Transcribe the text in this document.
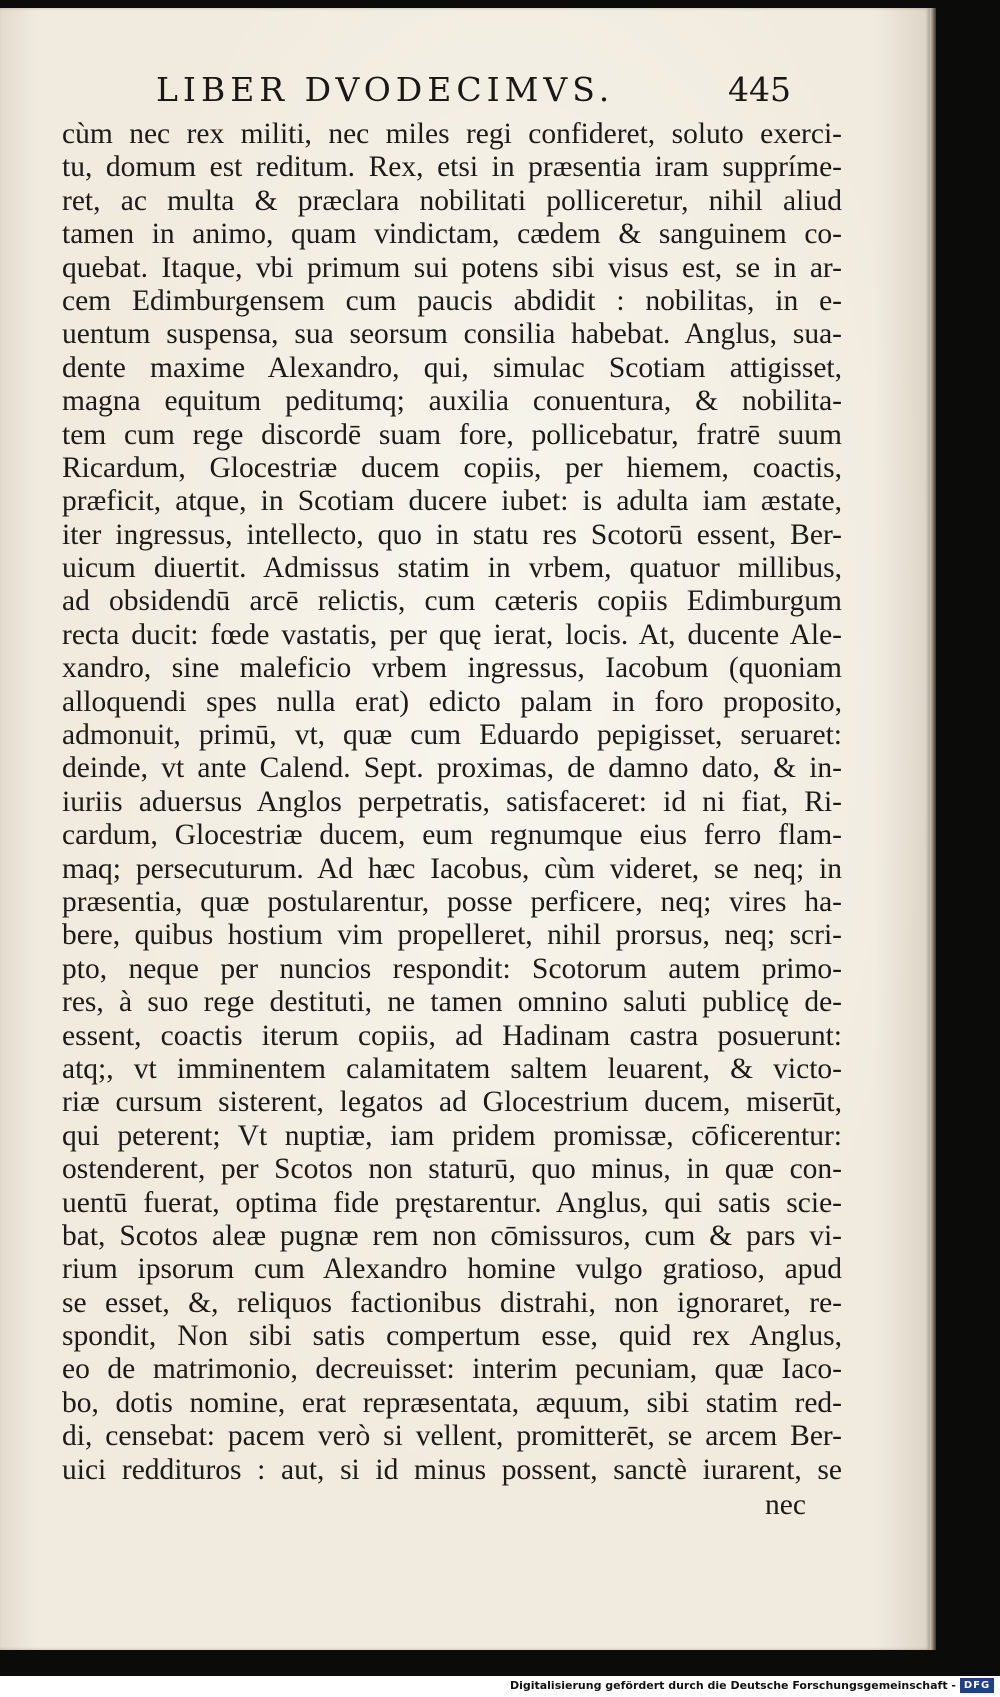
LIBER DVODECIMVS.	445
cùm nec rex militi, nec miles regi confideret, soluto exerci-
tu, domum est reditum. Rex, etsi in præsentia iram suppríme-
ret, ac multa & præclara nobilitati polliceretur, nihil aliud
tamen in animo, quam vindictam, cædem & sanguinem co-
quebat. Itaque, vbi primum sui potens sibi visus est, se in ar-
cem Edimburgensem cum paucis abdidit : nobilitas, in e-
uentum suspensa, sua seorsum consilia habebat. Anglus, sua-
dente maxime Alexandro, qui, simulac Scotiam attigisset,
magna equitum peditumq; auxilia conuentura, & nobilita-
tem cum rege discordē suam fore, pollicebatur, fratrē suum
Ricardum, Glocestriæ ducem copiis, per hiemem, coactis,
præficit, atque, in Scotiam ducere iubet: is adulta iam æstate,
iter ingressus, intellecto, quo in statu res Scotorū essent, Ber-
uicum diuertit. Admissus statim in vrbem, quatuor millibus,
ad obsidendū arcē relictis, cum cæteris copiis Edimburgum
recta ducit: fœde vastatis, per quę ierat, locis. At, ducente Ale-
xandro, sine maleficio vrbem ingressus, Iacobum (quoniam
alloquendi spes nulla erat) edicto palam in foro proposito,
admonuit, primū, vt, quæ cum Eduardo pepigisset, seruaret:
deinde, vt ante Calend. Sept. proximas, de damno dato, & in-
iuriis aduersus Anglos perpetratis, satisfaceret: id ni fiat, Ri-
cardum, Glocestriæ ducem, eum regnumque eius ferro flam-
maq; persecuturum. Ad hæc Iacobus, cùm videret, se neq; in
præsentia, quæ postularentur, posse perficere, neq; vires ha-
bere, quibus hostium vim propelleret, nihil prorsus, neq; scri-
pto, neque per nuncios respondit: Scotorum autem primo-
res, à suo rege destituti, ne tamen omnino saluti publicę de-
essent, coactis iterum copiis, ad Hadinam castra posuerunt:
atq;, vt imminentem calamitatem saltem leuarent, & victo-
riæ cursum sisterent, legatos ad Glocestrium ducem, miserūt,
qui peterent; Vt nuptiæ, iam pridem promissæ, cōficerentur:
ostenderent, per Scotos non staturū, quo minus, in quæ con-
uentū fuerat, optima fide pręstarentur. Anglus, qui satis scie-
bat, Scotos aleæ pugnæ rem non cōmissuros, cum & pars vi-
rium ipsorum cum Alexandro homine vulgo gratioso, apud
se esset, &, reliquos factionibus distrahi, non ignoraret, re-
spondit, Non sibi satis compertum esse, quid rex Anglus,
eo de matrimonio, decreuisset: interim pecuniam, quæ Iaco-
bo, dotis nomine, erat repræsentata, æquum, sibi statim red-
di, censebat: pacem verò si vellent, promitterēt, se arcem Ber-
uici reddituros : aut, si id minus possent, sanctè iurarent, se
nec
Digitalisierung gefördert durch die Deutsche Forschungsgemeinschaft - DFG
